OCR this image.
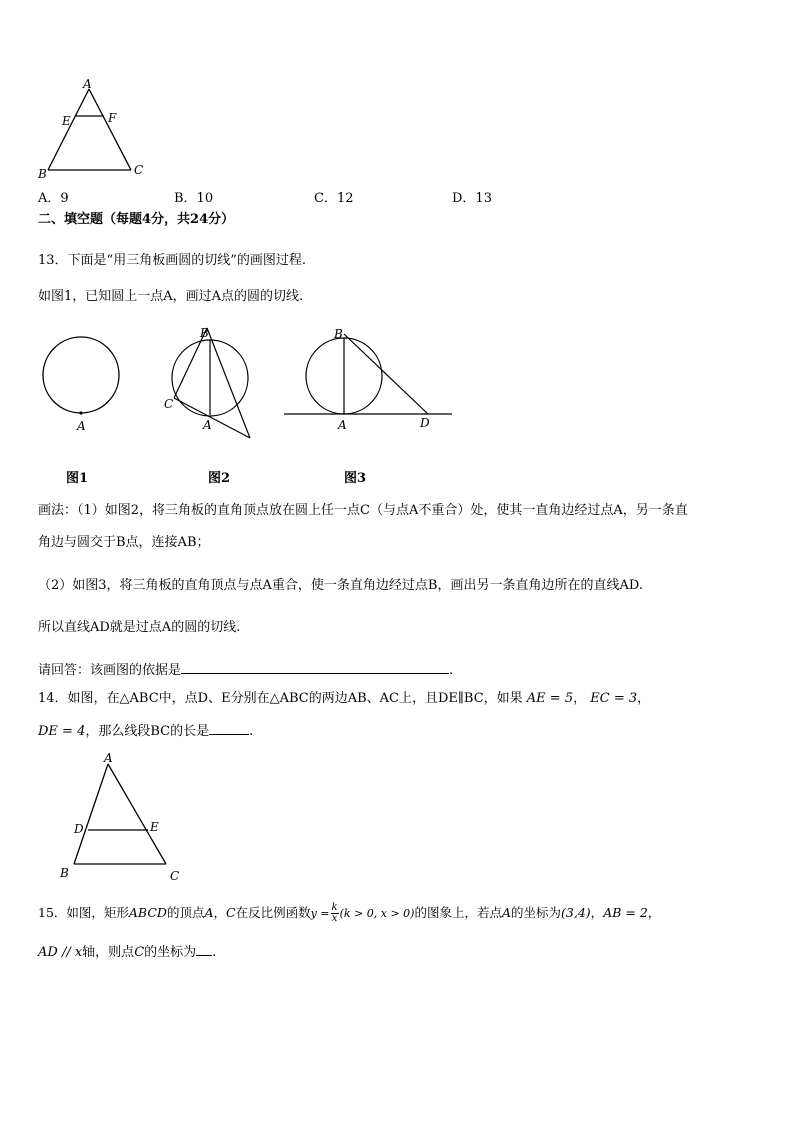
A
E	F
B	C
A．9	B．10	C．12	D．13
二、填空题（每题4分，共24分）
13．下面是“用三角板画圆的切线”的画图过程.
如图1，已知圆上一点A，画过A点的圆的切线.
A
B
C
A
B
A	D
图1	图2	图3
画法：（1）如图2，将三角板的直角顶点放在圆上任一点C（与点A不重合）处，使其一直角边经过点A，另一条直
角边与圆交于B点，连接AB；
（2）如图3，将三角板的直角顶点与点A重合，使一条直角边经过点B，画出另一条直角边所在的直线AD.
所以直线AD就是过点A的圆的切线.
请回答：该画图的依据是	.
14．如图，在△ABC中，点D、E分别在△ABC的两边AB、AC上，且DE∥BC，如果 AE = 5， EC = 3，
DE = 4，那么线段BC的长是	.
A
D	E
B	C
15．如图，矩形ABCD的顶点A，C在反比例函数$y = \frac{k}{x} (k > 0$, x > 0)的图象上，若点A的坐标为(3,4)，AB = 2，
AD // x轴，则点C的坐标为 .
